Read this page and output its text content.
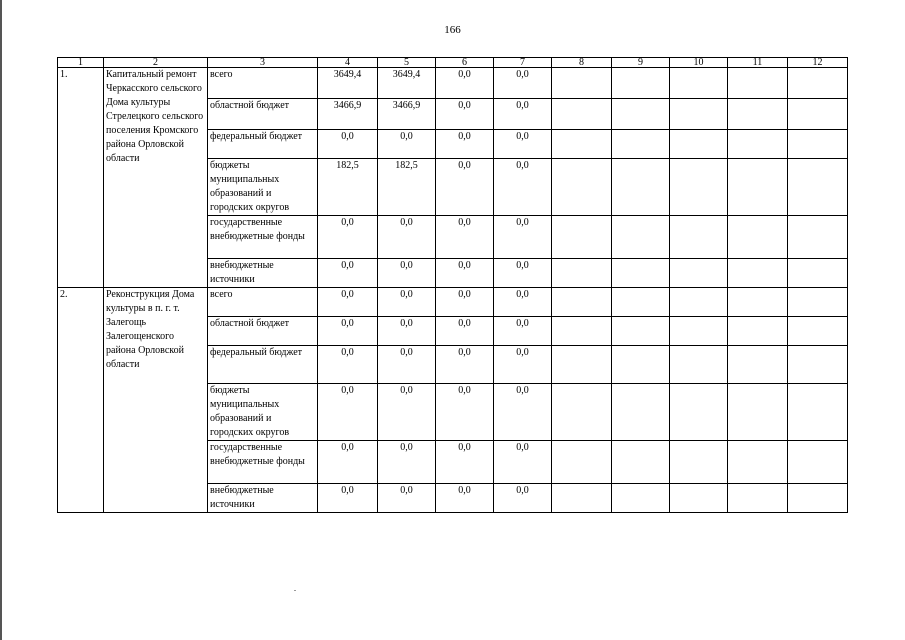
166
1	2	3	4	5	6	7	8	9	10	11	12
1.	Капитальный ремонт Черкасского сельского Дома культуры Стрелецкого сельского поселения Кромского района Орловской области	всего	3649,4	3649,4	0,0	0,0					
		областной бюджет	3466,9	3466,9	0,0	0,0					
		федеральный бюджет	0,0	0,0	0,0	0,0					
		бюджеты муниципальных образований и городских округов	182,5	182,5	0,0	0,0					
		государственные внебюджетные фонды	0,0	0,0	0,0	0,0					
		внебюджетные источники	0,0	0,0	0,0	0,0					
2.	Реконструкция Дома культуры в п. г. т. Залегощь Залегощенского района Орловской области	всего	0,0	0,0	0,0	0,0					
		областной бюджет	0,0	0,0	0,0	0,0					
		федеральный бюджет	0,0	0,0	0,0	0,0					
		бюджеты муниципальных образований и городских округов	0,0	0,0	0,0	0,0					
		государственные внебюджетные фонды	0,0	0,0	0,0	0,0					
		внебюджетные источники	0,0	0,0	0,0	0,0					
